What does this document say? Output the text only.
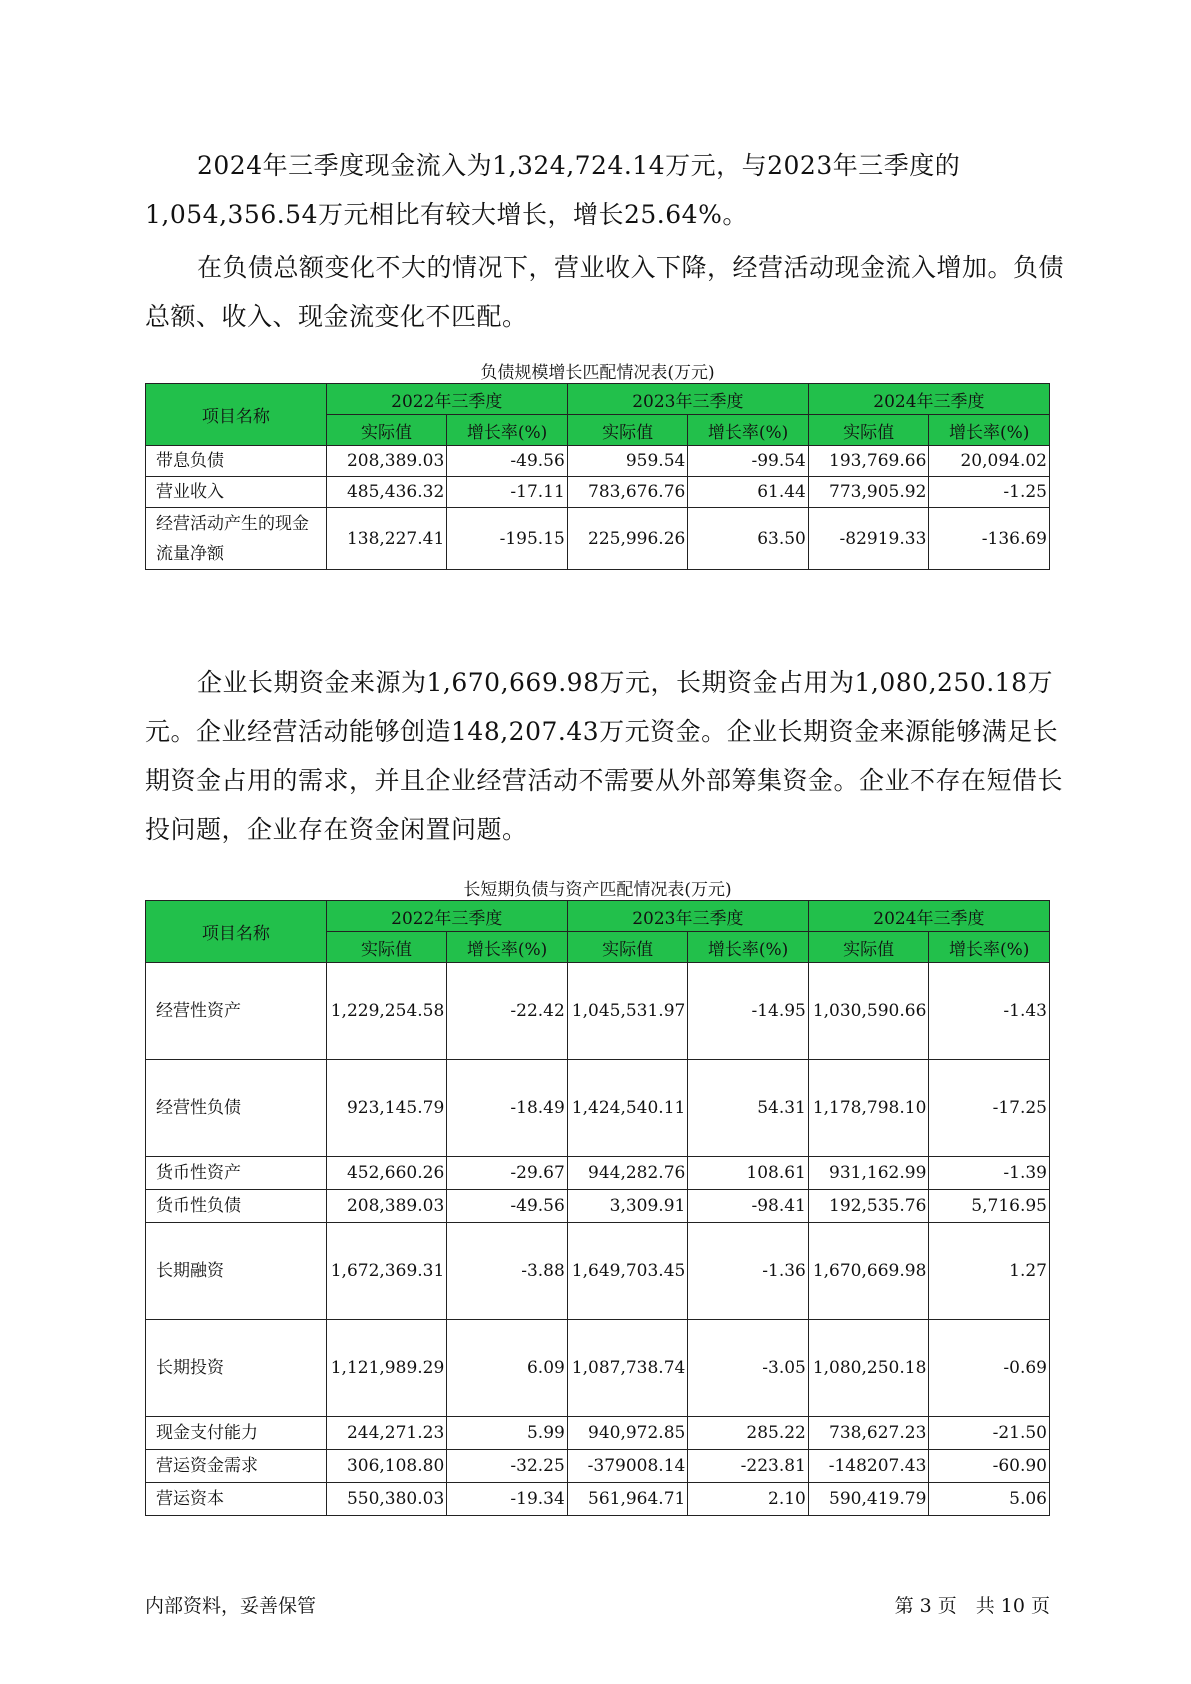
2024年三季度现金流入为1,324,724.14万元，与2023年三季度的1,054,356.54万元相比有较大增长，增长25.64%。

在负债总额变化不大的情况下，营业收入下降，经营活动现金流入增加。负债总额、收入、现金流变化不匹配。

负债规模增长匹配情况表(万元)

项目名称	2022年三季度		2023年三季度		2024年三季度	
	实际值	增长率(%)	实际值	增长率(%)	实际值	增长率(%)
带息负债	208,389.03	-49.56	959.54	-99.54	193,769.66	20,094.02
营业收入	485,436.32	-17.11	783,676.76	61.44	773,905.92	-1.25
经营活动产生的现金流量净额	138,227.41	-195.15	225,996.26	63.50	-82919.33	-136.69

企业长期资金来源为1,670,669.98万元，长期资金占用为1,080,250.18万元。企业经营活动能够创造148,207.43万元资金。企业长期资金来源能够满足长期资金占用的需求，并且企业经营活动不需要从外部筹集资金。企业不存在短借长投问题，企业存在资金闲置问题。

长短期负债与资产匹配情况表(万元)

项目名称	2022年三季度		2023年三季度		2024年三季度	
	实际值	增长率(%)	实际值	增长率(%)	实际值	增长率(%)
经营性资产	1,229,254.58	-22.42	1,045,531.97	-14.95	1,030,590.66	-1.43
经营性负债	923,145.79	-18.49	1,424,540.11	54.31	1,178,798.10	-17.25
货币性资产	452,660.26	-29.67	944,282.76	108.61	931,162.99	-1.39
货币性负债	208,389.03	-49.56	3,309.91	-98.41	192,535.76	5,716.95
长期融资	1,672,369.31	-3.88	1,649,703.45	-1.36	1,670,669.98	1.27
长期投资	1,121,989.29	6.09	1,087,738.74	-3.05	1,080,250.18	-0.69
现金支付能力	244,271.23	5.99	940,972.85	285.22	738,627.23	-21.50
营运资金需求	306,108.80	-32.25	-379008.14	-223.81	-148207.43	-60.90
营运资本	550,380.03	-19.34	561,964.71	2.10	590,419.79	5.06

内部资料，妥善保管	第 3 页　共 10 页
